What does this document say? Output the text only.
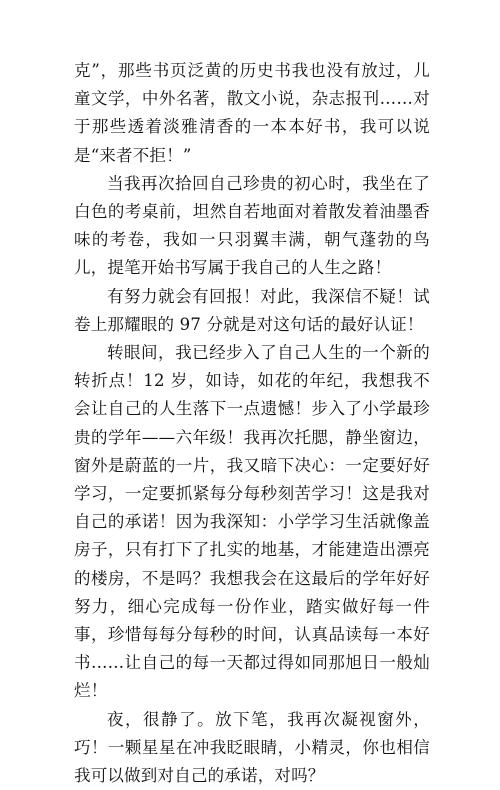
克”，那些书页泛黄的历史书我也没有放过，儿童文学，中外名著，散文小说，杂志报刊……对于那些透着淡雅清香的一本本好书，我可以说是“来者不拒！”

当我再次拾回自己珍贵的初心时，我坐在了白色的考桌前，坦然自若地面对着散发着油墨香味的考卷，我如一只羽翼丰满，朝气蓬勃的鸟儿，提笔开始书写属于我自己的人生之路！

有努力就会有回报！对此，我深信不疑！试卷上那耀眼的 97 分就是对这句话的最好认证！

转眼间，我已经步入了自己人生的一个新的转折点！12 岁，如诗，如花的年纪，我想我不会让自己的人生落下一点遗憾！步入了小学最珍贵的学年——六年级！我再次托腮，静坐窗边，窗外是蔚蓝的一片，我又暗下决心：一定要好好学习，一定要抓紧每分每秒刻苦学习！这是我对自己的承诺！因为我深知：小学学习生活就像盖房子，只有打下了扎实的地基，才能建造出漂亮的楼房，不是吗？我想我会在这最后的学年好好努力，细心完成每一份作业，踏实做好每一件事，珍惜每每分每秒的时间，认真品读每一本好书……让自己的每一天都过得如同那旭日一般灿烂！

夜，很静了。放下笔，我再次凝视窗外，巧！一颗星星在冲我眨眼睛，小精灵，你也相信我可以做到对自己的承诺，对吗？
